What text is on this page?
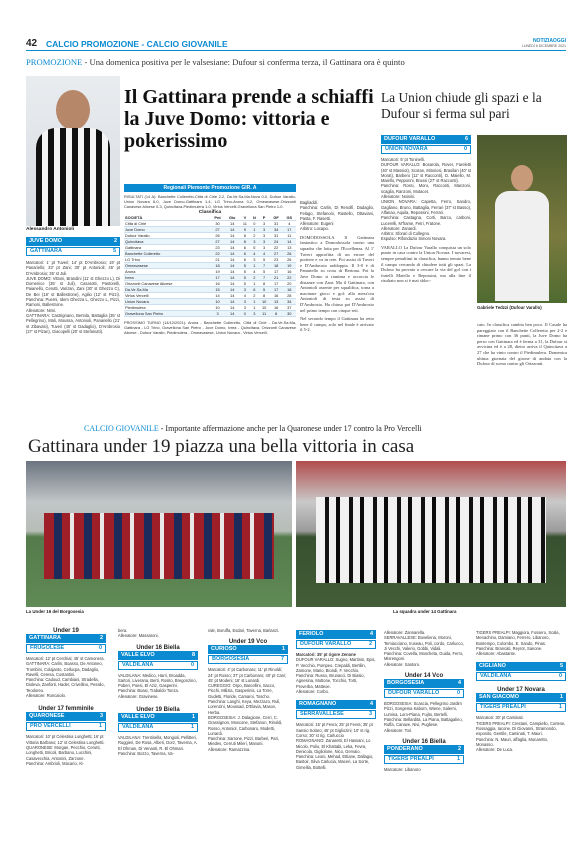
42 CALCIO PROMOZIONE - CALCIO GIOVANILE	NOTIZIAOGGI
LUNEDÌ 6 DICEMBRE 2021
PROMOZIONE - Una domenica positiva per le valsesiane: Dufour si conferma terza, il Gattinara ora è quinto
Alessandro Antonioli
Il Gattinara prende a schiaffi la Juve Domo: vittoria e pokerissimo
Regionali Piemonte Promozione GIR. A
RISULTATI (14 A): Banchette Colleretto-Città di Cirié 2-2, Da.Ve.Sa.Ma.Nova 0-0, Dufour Varallo-Union Novara 6-0, Juve Domo-Gattinara 1-4, LG Trino-Arona 0-2, Omeavasese-Orizzonti Canavese Alicese 0-3, Quincitava-Piedimulera 1-0, Virtus Vercelli-Gravellona San Pietro 1-0.
Classifica
SOCIETÀ	Pnt	Gio	V	N	P	GF	GS
Città di Cirié	30	14	11	0	3	31	4
Juve Domo	27	14	9	1	3	34	17
Dufour Varallo	26	14	8	2	3	31	11
Quincitava	27	14	8	3	3	24	14
Gattinara	23	14	6	5	3	22	13
Banchette Colleretto	22	14	6	4	4	27	26
LG Trino	21	14	6	3	5	23	26
Omeavasese	18	14	5	1	7	18	19
Arona	19	14	5	4	5	17	16
Ivrea	17	14	5	2	7	21	22
Orizzonti Canavese Alicese	16	14	5	1	8	17	20
Da.Ve.Sa.Ma	15	14	3	6	5	17	18
Virtus Vercelli	14	14	4	2	8	16	28
Union Novara	10	14	3	1	10	13	34
Piedimulera	10	14	3	1	10	16	37
Gravellona San Pietro	3	14	0	3	11	8	30
PROSSIMO TURNO (14/12/2021): Arona - Banchette Colleretto, Città di Cirié - Da.Ve.Sa.Ma, Gattinara - LG Trino, Gravellona San Pietro - Juve Domo, Ivrea - Quincitava, Orizzonti Canavese Alicese - Dufour Varallo, Piedimulera - Omeavasese, Union Novara - Virtus Vercelli.
JUVE DOMO	2
GATTINARA	5
Marcatori: 1' pt Tuveri; 14' pt D'Ambrosio; 19' pt Panariello; 33' pt Zani; 30' pt Antonioli; 45' pt D'Ambrosio; 35' st Juli.
JUVE DOMO: Vittoni, Brandini (11' st Ghezzo L), Di Domenico (35' st Juli), Casarotti, Pastorelli, Paianello, Cerutti, Varizan, Zani (30' st Ghezzo C), De Bei (18' st Ballestrone), Agilio (12' st Pizzi). Panchina: Puerni, Idem Ghezza L, Ghezzo L, Pizzi, Ramoni, Ballestrone.
Allenatore: Nimi.
GATTINARA: Castrignano, Bertola, Battaglia (35' st Pellegrino), Mali, Moussa, Antonioli, Panariello (21' st Zibavasi), Tuveri (40' st Dadaglio), D'Ambrosio (27' st Pizan), Giacopelli (20' st Stefanutti).
Bagliaddi.
Panchina: Carlin, Di Renolfi, Dadaglio, Felago, Stefanoni, Rastello, Ottaviani, Pasta, F. Rasetti.
Allenatore: Eugeni
Arbitro: Locapo.
DOMODOSSOLA Il Gattinara fantastico a Domodossola contro una squadra che lotta per l'Eccellenza. Al 1' Tuveri approfitta di un errore del portiere e va in rete. Poi assist di Tuveri e D'Ambrosio raddoppia. Il 3-0 è di Panariello su cross di Bertona. Poi la Juve Domo si rianima e accorcia le distanze con Zani. Ma il Gattinara, con Antonioli assente per squalifica, torna a macinare gioco e gol: alla mezz'ora Antonioli di testa su assist di D'Ambrosio. Ha chiuso poi D'Ambrosio nel primo tempo con cinque reti.
Nel secondo tempo il Gattinara ha retto bene il campo, solo nel finale è arrivato il 5-2.
La Union chiude gli spazi e la Dufour si ferma sul pari
DUFOUR VARALLO	6
UNION NOVARA	0
Marcatori: 5' pt Toninelli.
DUFOUR VARALLO: Bosarola, Rover, Fareletti (40' st Massiot), Scotan, Minniosi, Brasilan (40' st Morat), Barbero (12' st Racconti), D. Maiello, M. Maiello, Pepponni, Brussi (27' st Racconti).
Panchina: Rossi, Moro, Racconti, Manzoni, scaglia, Ranzoni, Motacet.
Allenatore: Noisini.
UNION NOVARA: Capetta, Ferro, Sandro, Gagliano, Bruno, Battaglia, Ferrari (37' st Basso), Alfanao, Aquila, Repossini, Ferrari.
Panchina: Castagna, Corti, Barco, carboni, Lucerelli, M'frame, Fetri, Fratone.
Allenatore: Zanardi.
Arbitro: Sforari di Collegno.
Espulso: Rifondazio Simoni Novara.
VARALLO La Dufour Varallo conquista un solo punto in casa contro la Union Novara. I novaresi, sempre penultimi in classifica, hanno tenuto bene il campo cercando di chiudere tutti gli spazi. La Dufour ha provato a cercare la via del gol con i fratelli Maiello e Repossini, ma alla fine il risultato non si è mai sbloc-
Gabriele Tedzzi (Dufour Varallo)
cato. In classifica cambia ben poco. Il Casale ha pareggiato con il Banchette Colleretto per 2-2 e rimane primo con 36 punti, la Juve Domo ha perso con Gattinara ed è ferma a 31, la Dufour si avvicina ed è a 28, dietro arriva il Quincitava a 27 che ha vinto contro il Piedimulera. Domenica ultima giornata del girone di andata con la Dufour di scena contro gli Orizzonti.
CALCIO GIOVANILE - Importante affermazione anche per la Quaronese under 17 contro la Pro Vercelli
Gattinara under 19 piazza una bella vittoria in casa
La Under 16 del Borgosesia	La squadra under 14 Gattinara
Under 19
GATTINARA	2
FRUGOLESE	0
Marcatori: 12' pt Cerchiai; 45' st Camonera.
GATTINARA: Carlin, Boasso, De Antoneo, Trombini, Colajanto, Cellucpa, Dadaglio, Ravelli, Ceresa, Costantini.
Panchina: Cadoud, Cambiani, Stradella, Dioleva, Zanforti, Hader, Crivellino, Pessilo, Teodoreo.
Allenatore: Roncaiolo.
Under 17 femminile
QUARONESE	3
PRO VERCELLI	1
Marcatori: 10' pt Celestina Longhetti; 16' pt Vittoria Barbano; 12' st Celestina Longhetti.
QUARONESE: Morgan, Pecchio, Cerutti, Longhetti, Bricoli, Barbano, Lucchini, Casavecchia, Antonini, Zarzone.
Panchina: Ambrioli, Macario, Al-
bera.
Allenatore: Massaroni.
Under 16 Biella
VALLE ELVO	8
VALDILANA	0
VALDILANA: Medico, Harri, Broadda, Sartori, Liverana, Berti, Rosito, Bregonzino, Poberi, Poesi, El Aziz, Gasperini.
Panchina: Boasi, Trabaldo Tonza.
Allenatore: Gravinese.
Under 19 Biella
VALLE ELVO	1
VALDILANA	1
VALDILANA: Trentinella, Mongioli, Pellitteri, Ruggieri, De Rosa, Alberi, Dorz, Taverna, A. El Ohman, Di Venanti, R. El Ohman.
Panchina: Bozzo, Taverna, Va-
rale, Boruffa, Esdari, Taverna, Barlanzi.
Under 19 Vco
CURIOSO	1
BORGOSESIA	7
Marcatori: 4' pt Carbonaro; 11' pt Rinoldi; 24' pt Rosso; 37' pt Carbonaro; 40' pt Cani; 45' pt Modeni; 16' st Lunardi.
CUREGGIO: Orpo, Barcellini, Sacco, Picchi, Milizia, Gasperinis, La Torre, Gudetti, Floride, Camaroi, Toscho.
Panchina: Langhi, Keya, Mezzazo, Ruli, Lorenzini, Moussad, D'Elavia, Masov, Herba.
BORGOSESIA: J. Dalagione, Cerri, C. Grassignon, Moscone, Stefanon, Rinoldi, Rosso, Antoniol, Carbonaro, Modetti, Lunardi.
Panchina: Sarrone, Pizzi, Barberi, Pari, Miedes, Cerruti Mileri, Manoni.
Allenatore: Ramazzina.
FERIOLO	4
DUFOUR VARALLO	2
Marcatori: 35' pt rigore Zenone
DUFOUR VARALLO: Sugno, Martinin, Epis, P. Vecchio, Pompeo, Crepaldi, Bertilin, Zamone, Mario, Biondi, F. Vecchio.
Panchina: Russo, Brunacci, Di Biasio, Agnesina, Muttone, Tocchio, Torti, Proverba, Matteoe.
Allenatore: Corbo.
ROMAGNANO	4
SERRAVALLESE	3
Marcatori: 15' pt Fevra; 25' pt Fevra; 35' pt Sansio Solaro; 45' pt Gigliozini; 10' st rig. Corso; 30' st rig. Carluccio
ROMAGNANO: Zanaretti, El Hassani, Lo Micolo, Polio, El Khattabi, Leka, Fevra, Denicola, Gigliolone, Nico, Gervaio.
Panchina: Leoni, Mehad, Ettiane, Dallagio, Bastoir, Silva Carlucia, Maceri, La Sorte, Gimellia, Bottelli.
Allenatore: Zannarella.
SERRAVALLESE: Boveliena, Moroni, Temiacciano, Iruseau, Poli, cordo, Carlucco, Ji Vecchi, Valerio, Gobbi, Vidali.
Panchina: Covella, Moscheta, Guida, Ferro, Misrengoni.
Allenatore: Santoro.
Under 14 Vco
BORGOSESIA	4
DUFOUR VARALLO	0
BORGOSESIA: Scascia, Pellegrino Jardim Pizzi, Songema Kaborn, Wiene, Salerni, Lumina, Loro-Piana, Fujito, Bertelli.
Panchina: Bellardita, La Piana, Battagalino, Ruffa, Canave, Nivi, Pugliese.
Allenatore: Tori.
Under 16 Biella
PONDERANO	2
TIGERS PREALPI	1
Marcatore: Libanoro
TIGERS PREALPI: Maggiora, Fossero, Scala, Menachino, Damiano, Ferrero, Libanoro, Bontempo, Colombo, E. Sando, Pinas.
Panchina: Brancati, Reyrot, Sanone.
Allenatore: Abastante.
CIGLIANO	5
VALDILANA	0
Under 17 Novara
SAN GIACOMO	1
TIGERS PREALPI	1
Marcatori: 30' pt Caminati.
TIGERS PREALPI: Crestani, Campiello, Cortese, Rossaggia, Iacone, Di Giovanni, Stramondo, esposito, Gentile, Caminati, T. Mauri.
Panchina: N. Mauri, affaglia, Munaretto, Monasso.
Allenatore: De Luca.
